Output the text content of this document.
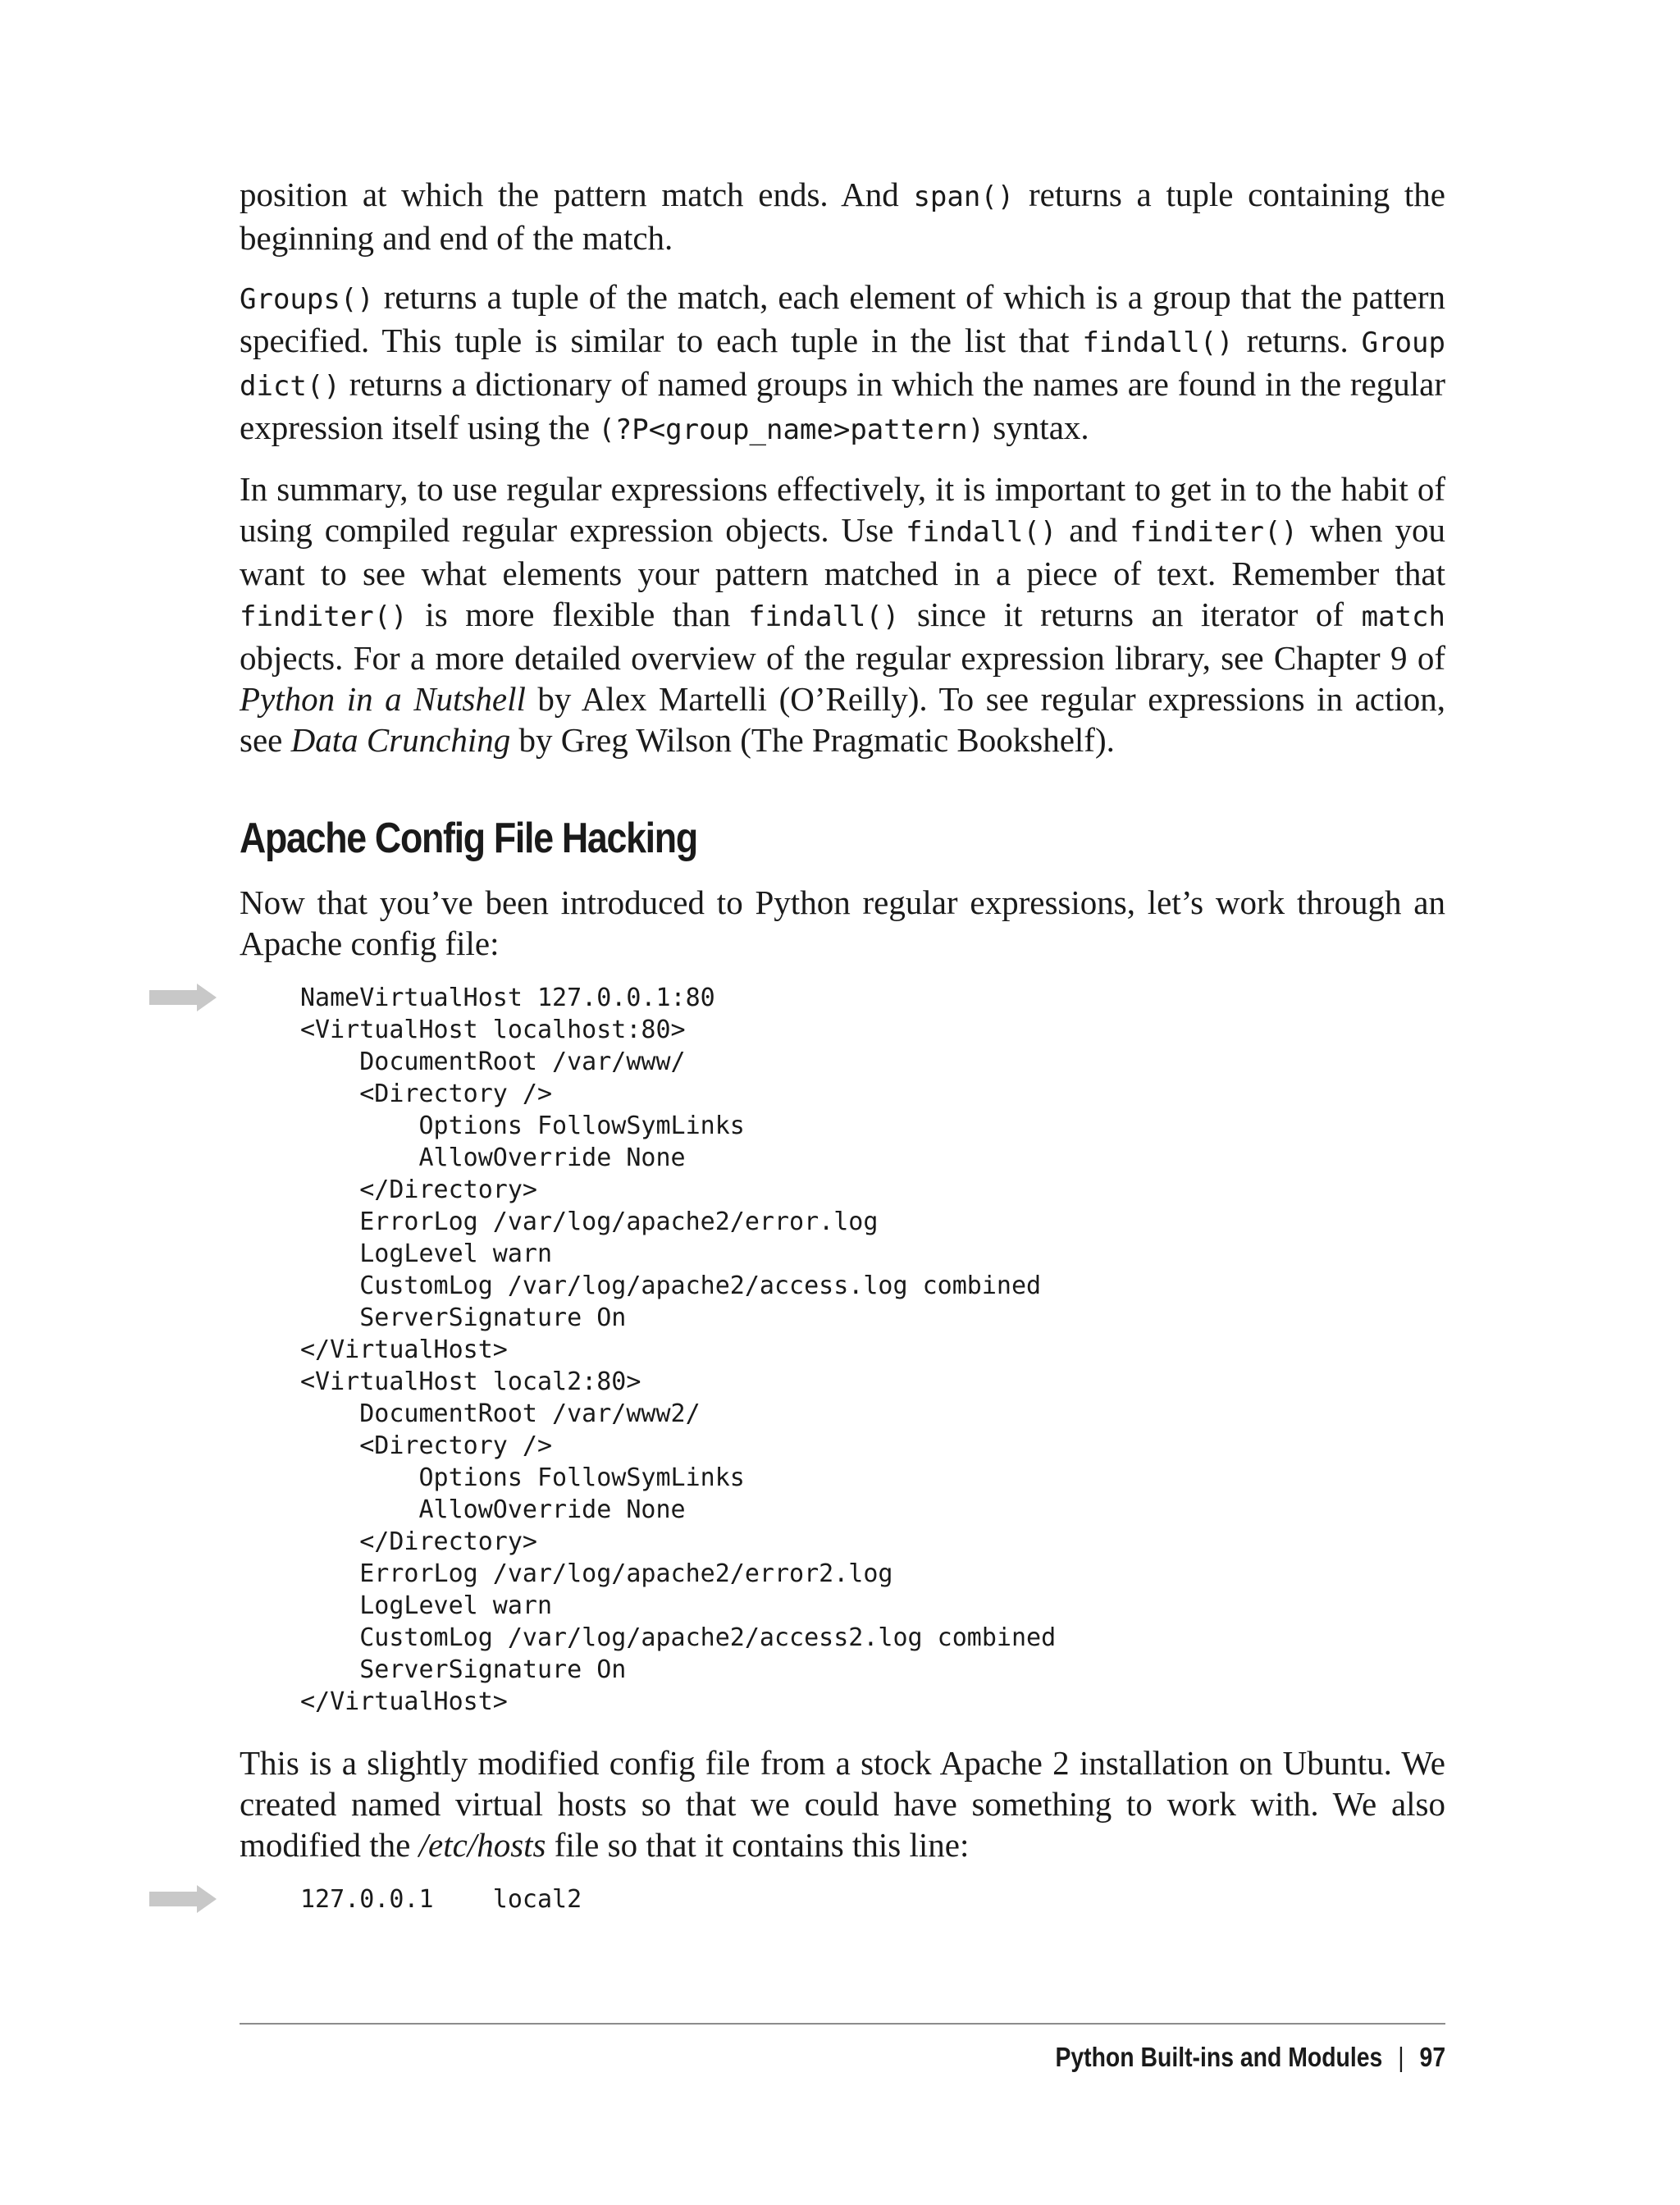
position at which the pattern match ends. And span() returns a tuple containing the beginning and end of the match.

Groups() returns a tuple of the match, each element of which is a group that the pattern specified. This tuple is similar to each tuple in the list that findall() returns. Group dict() returns a dictionary of named groups in which the names are found in the regular expression itself using the (?P<group_name>pattern) syntax.

In summary, to use regular expressions effectively, it is important to get in to the habit of using compiled regular expression objects. Use findall() and finditer() when you want to see what elements your pattern matched in a piece of text. Remember that finditer() is more flexible than findall() since it returns an iterator of match objects. For a more detailed overview of the regular expression library, see Chapter 9 of Python in a Nutshell by Alex Martelli (O’Reilly). To see regular expressions in action, see Data Crunching by Greg Wilson (The Pragmatic Bookshelf).

Apache Config File Hacking

Now that you’ve been introduced to Python regular expressions, let’s work through an Apache config file:

NameVirtualHost 127.0.0.1:80
<VirtualHost localhost:80>
DocumentRoot /var/www/
<Directory />
Options FollowSymLinks
AllowOverride None
</Directory>
ErrorLog /var/log/apache2/error.log
LogLevel warn
CustomLog /var/log/apache2/access.log combined
ServerSignature On
</VirtualHost>
<VirtualHost local2:80>
DocumentRoot /var/www2/
<Directory />
Options FollowSymLinks
AllowOverride None
</Directory>
ErrorLog /var/log/apache2/error2.log
LogLevel warn
CustomLog /var/log/apache2/access2.log combined
ServerSignature On
</VirtualHost>

This is a slightly modified config file from a stock Apache 2 installation on Ubuntu. We created named virtual hosts so that we could have something to work with. We also modified the /etc/hosts file so that it contains this line:

127.0.0.1    local2
Python Built-ins and Modules | 97
